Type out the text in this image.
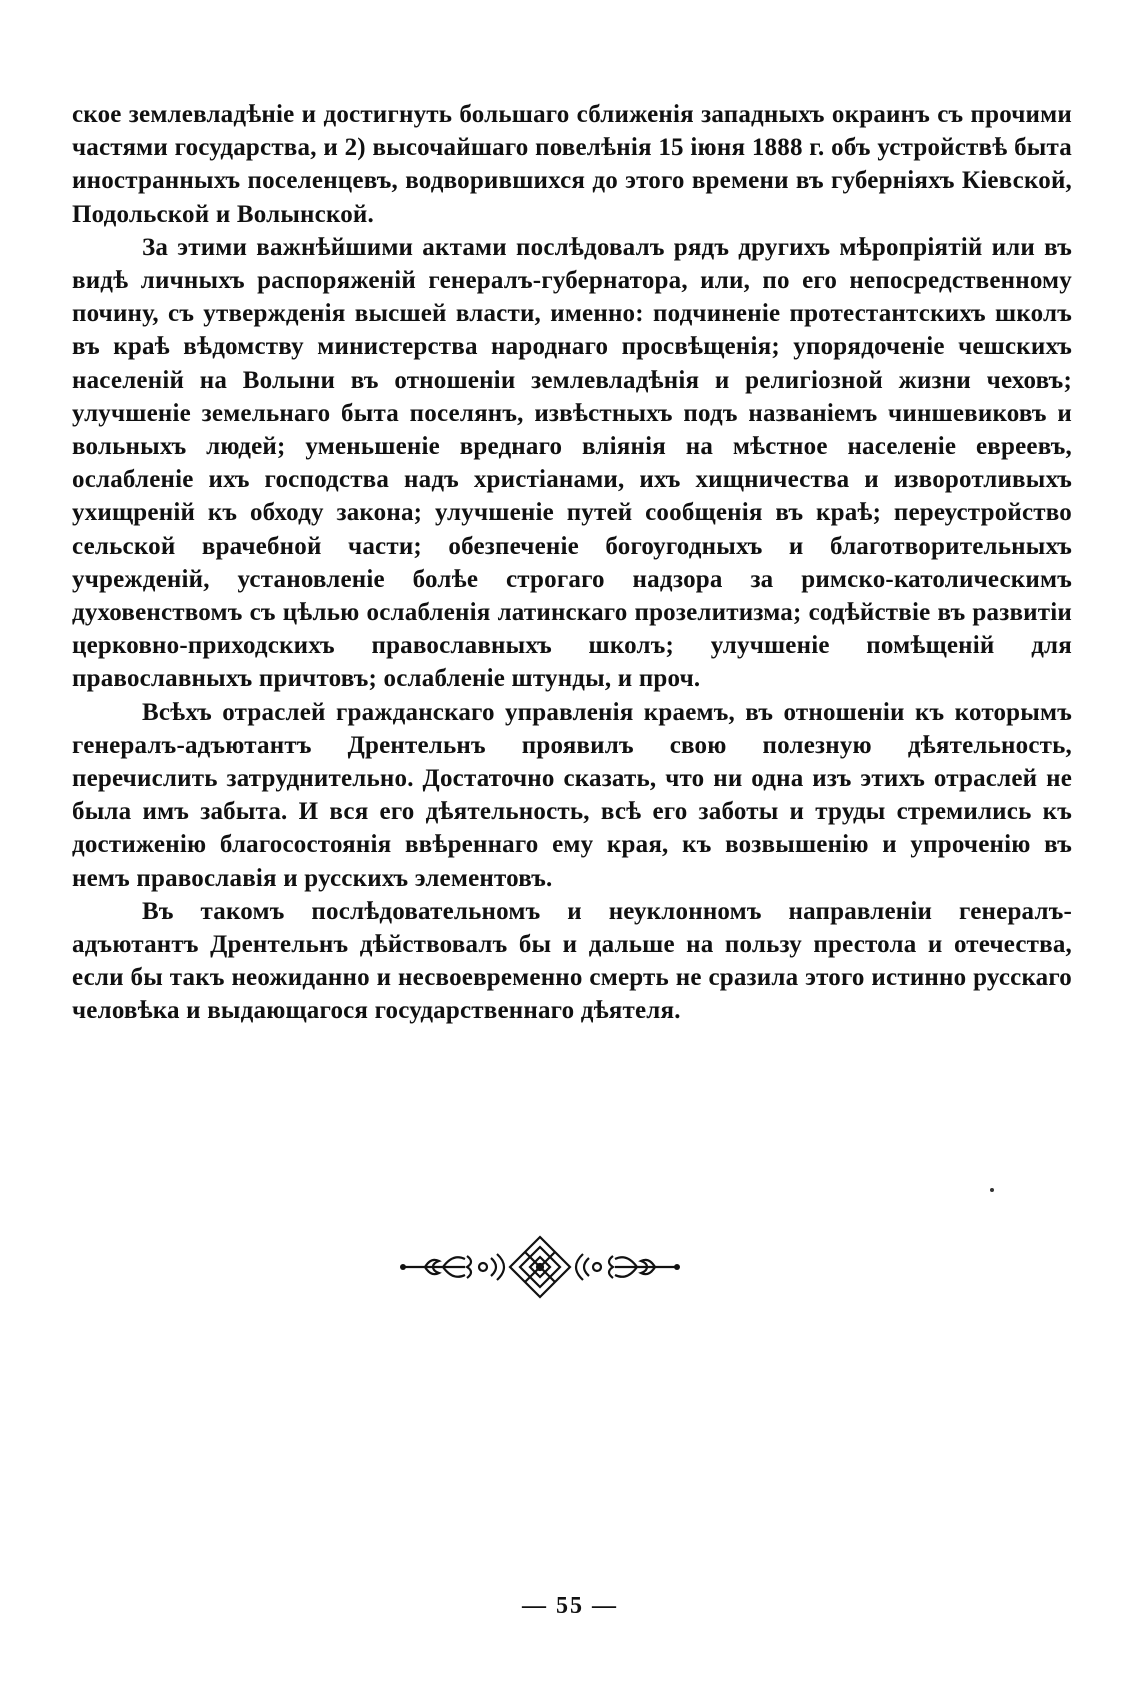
ское землевладѣніе и достигнуть большаго сближенія западныхъ окраинъ съ прочими частями государства, и 2) высочайшаго повелѣнія 15 іюня 1888 г. объ устройствѣ быта иностранныхъ поселенцевъ, водворившихся до этого времени въ губерніяхъ Кіевской, Подольской и Волынской.

За этими важнѣйшими актами послѣдовалъ рядъ другихъ мѣропріятій или въ видѣ личныхъ распоряженій генералъ-губернатора, или, по его непосредственному почину, съ утвержденія высшей власти, именно: подчиненіе протестантскихъ школъ въ краѣ вѣдомству министерства народнаго просвѣщенія; упорядоченіе чешскихъ населеній на Волыни въ отношеніи землевладѣнія и религіозной жизни чеховъ; улучшеніе земельнаго быта поселянъ, извѣстныхъ подъ названіемъ чиншевиковъ и вольныхъ людей; уменьшеніе вреднаго вліянія на мѣстное населеніе евреевъ, ослабленіе ихъ господства надъ христіанами, ихъ хищничества и изворотливыхъ ухищреній къ обходу закона; улучшеніе путей сообщенія въ краѣ; переустройство сельской врачебной части; обезпеченіе богоугодныхъ и благотворительныхъ учрежденій, установленіе болѣе строгаго надзора за римско-католическимъ духовенствомъ съ цѣлью ослабленія латинскаго прозелитизма; содѣйствіе въ развитіи церковно-приходскихъ православныхъ школъ; улучшеніе помѣщеній для православныхъ причтовъ; ослабленіе штунды, и проч.

Всѣхъ отраслей гражданскаго управленія краемъ, въ отношеніи къ которымъ генералъ-адъютантъ Дрентельнъ проявилъ свою полезную дѣятельность, перечислить затруднительно. Достаточно сказать, что ни одна изъ этихъ отраслей не была имъ забыта. И вся его дѣятельность, всѣ его заботы и труды стремились къ достиженію благосостоянія ввѣреннаго ему края, къ возвышенію и упроченію въ немъ православія и русскихъ элементовъ.

Въ такомъ послѣдовательномъ и неуклонномъ направленіи генералъ-адъютантъ Дрентельнъ дѣйствовалъ бы и дальше на пользу престола и отечества, если бы такъ неожиданно и несвоевременно смерть не сразила этого истинно русскаго человѣка и выдающагося государственнаго дѣятеля.

— 55 —
